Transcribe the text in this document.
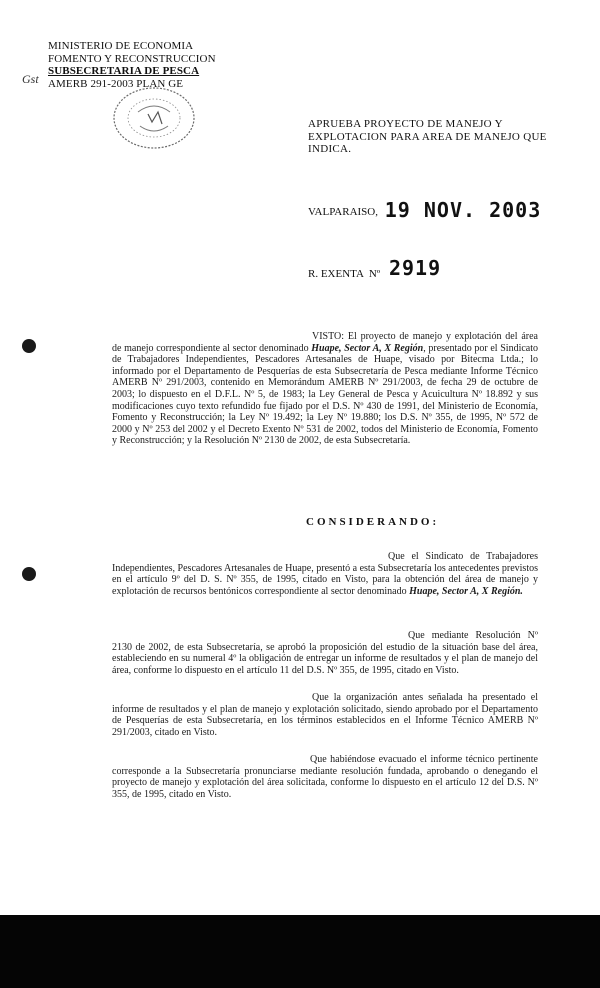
MINISTERIO DE ECONOMIA
FOMENTO Y RECONSTRUCCION
SUBSECRETARIA DE PESCA
AMERB 291-2003 PLAN GE
Gst
APRUEBA PROYECTO DE MANEJO Y
EXPLOTACION PARA AREA DE MANEJO QUE
INDICA.
VALPARAISO, 19 NOV. 2003
R. EXENTA Nº 2919
VISTO: El proyecto de manejo y explotación del área de manejo correspondiente al sector denominado Huape, Sector A, X Región, presentado por el Sindicato de Trabajadores Independientes, Pescadores Artesanales de Huape, visado por Bitecma Ltda.; lo informado por el Departamento de Pesquerías de esta Subsecretaría de Pesca mediante Informe Técnico AMERB Nº 291/2003, contenido en Memorándum AMERB Nº 291/2003, de fecha 29 de octubre de 2003; lo dispuesto en el D.F.L. Nº 5, de 1983; la Ley General de Pesca y Acuicultura Nº 18.892 y sus modificaciones cuyo texto refundido fue fijado por el D.S. Nº 430 de 1991, del Ministerio de Economía, Fomento y Reconstrucción; la Ley Nº 19.492; la Ley Nº 19.880; los D.S. Nº 355, de 1995, Nº 572 de 2000 y Nº 253 del 2002 y el Decreto Exento Nº 531 de 2002, todos del Ministerio de Economía, Fomento y Reconstrucción; y la Resolución Nº 2130 de 2002, de esta Subsecretaría.
CONSIDERANDO:
Que el Sindicato de Trabajadores Independientes, Pescadores Artesanales de Huape, presentó a esta Subsecretaría los antecedentes previstos en el artículo 9º del D. S. Nº 355, de 1995, citado en Visto, para la obtención del área de manejo y explotación de recursos bentónicos correspondiente al sector denominado Huape, Sector A, X Región.
Que mediante Resolución Nº 2130 de 2002, de esta Subsecretaría, se aprobó la proposición del estudio de la situación base del área, estableciendo en su numeral 4º la obligación de entregar un informe de resultados y el plan de manejo del área, conforme lo dispuesto en el artículo 11 del D.S. Nº 355, de 1995, citado en Visto.
Que la organización antes señalada ha presentado el informe de resultados y el plan de manejo y explotación solicitado, siendo aprobado por el Departamento de Pesquerías de esta Subsecretaría, en los términos establecidos en el Informe Técnico AMERB Nº 291/2003, citado en Visto.
Que habiéndose evacuado el informe técnico pertinente corresponde a la Subsecretaría pronunciarse mediante resolución fundada, aprobando o denegando el proyecto de manejo y explotación del área solicitada, conforme lo dispuesto en el artículo 12 del D.S. Nº 355, de 1995, citado en Visto.
